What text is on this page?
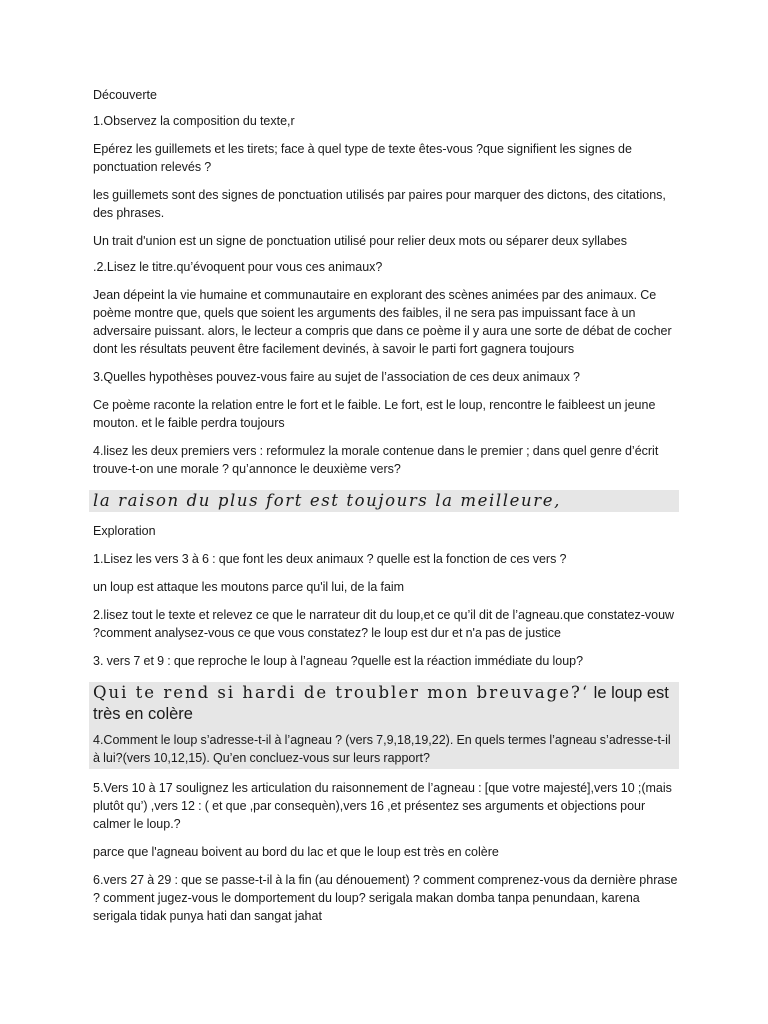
Découverte

1.Observez la composition du texte,r

Epérez les guillemets et les tirets; face à quel type de texte êtes-vous ?que signifient les signes de ponctuation relevés ?

les guillemets sont des signes de ponctuation utilisés par paires pour marquer des dictons, des citations, des phrases.

Un trait d'union est un signe de ponctuation utilisé pour relier deux mots ou séparer deux syllabes

.2.Lisez le titre.qu’évoquent pour vous ces animaux?

Jean dépeint la vie humaine et communautaire en explorant des scènes animées par des animaux. Ce poème montre que, quels que soient les arguments des faibles, il ne sera pas impuissant face à un adversaire puissant. alors, le lecteur a compris que dans ce poème il y aura une sorte de débat de cocher dont les résultats peuvent être facilement devinés, à savoir le parti fort gagnera toujours

3.Quelles hypothèses pouvez-vous faire au sujet de l’association de ces deux animaux ?

Ce poème raconte la relation entre le fort et le faible. Le fort, est le loup, rencontre le faibleest un jeune mouton. et le faible perdra toujours

4.lisez les deux premiers vers : reformulez la morale contenue dans le premier ; dans quel genre d’écrit trouve-t-on une morale ? qu’annonce le deuxième vers?

la raison du plus fort est toujours la meilleure,

Exploration

1.Lisez les vers 3 à 6 : que font les deux animaux ? quelle est la fonction de ces vers ?

un loup est attaque les moutons parce qu'il lui, de la faim

2.lisez tout le texte et relevez ce que le narrateur dit du loup,et ce qu’il dit de l’agneau.que constatez-vouw ?comment analysez-vous ce que vous constatez? le loup est dur et n'a pas de justice

3. vers 7 et 9 : que reproche le loup à l’agneau ?quelle est la réaction immédiate du loup?

Qui te rend si hardi de troubler mon breuvage?‘ le loup est très en colère

4.Comment le loup s’adresse-t-il à l’agneau ? (vers 7,9,18,19,22). En quels termes l’agneau s’adresse-t-il à lui?(vers 10,12,15). Qu’en concluez-vous sur leurs rapport?

5.Vers 10 à 17 soulignez les articulation du raisonnement de l’agneau : [que votre majesté],vers 10 ;(mais plutôt qu’) ,vers 12 : ( et que ,par consequèn),vers 16 ,et présentez ses arguments et objections pour calmer le loup.?

parce que l'agneau boivent au bord du lac et que le loup est très en colère

6.vers 27 à 29 : que se passe-t-il à la fin (au dénouement) ? comment comprenez-vous da dernière phrase ? comment jugez-vous le domportement du loup? serigala makan domba tanpa penundaan, karena serigala tidak punya hati dan sangat jahat
